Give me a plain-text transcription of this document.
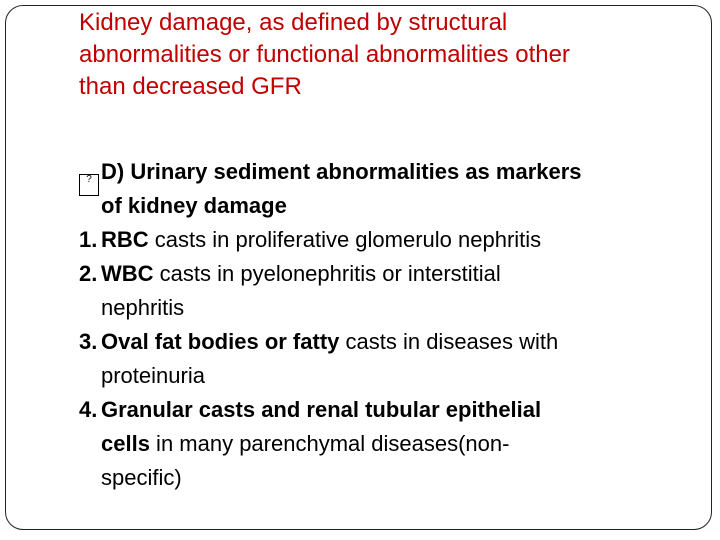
Kidney damage, as defined by structural
abnormalities or functional abnormalities other
than decreased GFR
? D) Urinary sediment abnormalities as markers
of kidney damage
1. RBC casts in proliferative glomerulo nephritis
2. WBC casts in pyelonephritis or interstitial
nephritis
3. Oval fat bodies or fatty casts in diseases with
proteinuria
4. Granular casts and renal tubular epithelial
cells in many parenchymal diseases(non-
specific)
